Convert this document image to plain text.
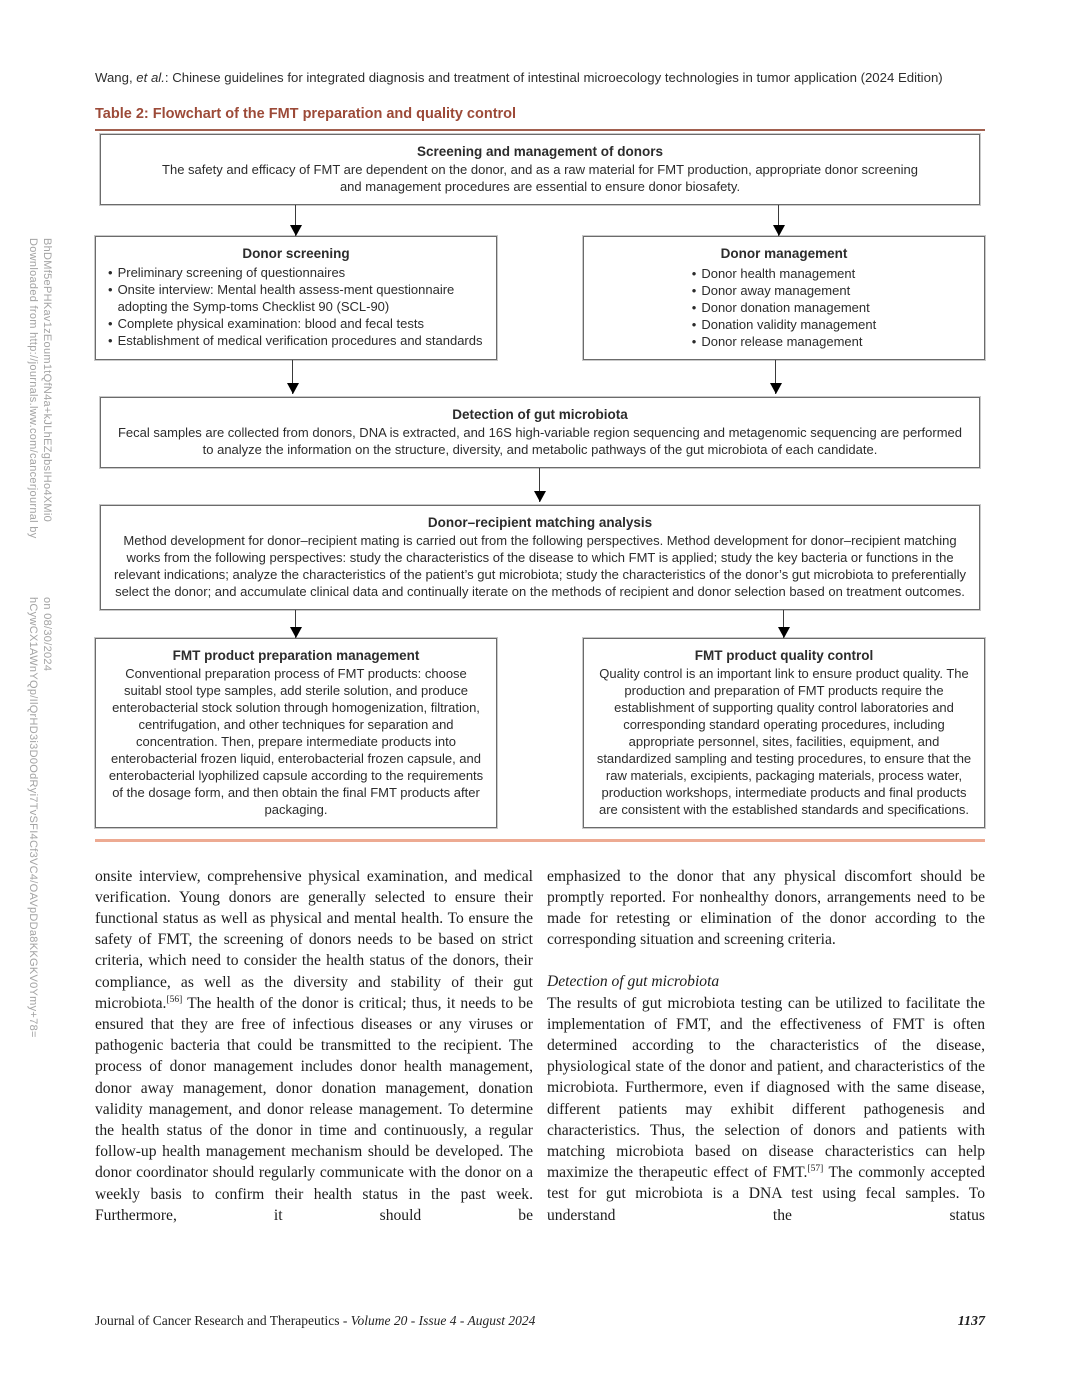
Downloaded from http://journals.lww.com/cancerjournal by BhDMf5ePHKav1zEoum1tQfN4a+kJLhEZgbsIHo4XMi0
hCywCX1AWnYQp/IlQrHD3i3D0OdRyi7TvSFI4Cf3VC4/OAVpDDa8KKGKV0Ymy+78= on 08/30/2024
Wang, et al.: Chinese guidelines for integrated diagnosis and treatment of intestinal microecology technologies in tumor application (2024 Edition)
Table 2: Flowchart of the FMT preparation and quality control
Screening and management of donors
The safety and efficacy of FMT are dependent on the donor, and as a raw material for FMT production, appropriate donor screening and management procedures are essential to ensure donor biosafety.
Donor screening
• Preliminary screening of questionnaires
• Onsite interview: Mental health assess-ment questionnaire adopting the Symp-toms Checklist 90 (SCL-90)
• Complete physical examination: blood and fecal tests
• Establishment of medical verification procedures and standards
Donor management
• Donor health management
• Donor away management
• Donor donation management
• Donation validity management
• Donor release management
Detection of gut microbiota
Fecal samples are collected from donors, DNA is extracted, and 16S high-variable region sequencing and metagenomic sequencing are performed to analyze the information on the structure, diversity, and metabolic pathways of the gut microbiota of each candidate.
Donor–recipient matching analysis
Method development for donor–recipient mating is carried out from the following perspectives. Method development for donor–recipient matching works from the following perspectives: study the characteristics of the disease to which FMT is applied; study the key bacteria or functions in the relevant indications; analyze the characteristics of the patient’s gut microbiota; study the characteristics of the donor’s gut microbiota to preferentially select the donor; and accumulate clinical data and continually iterate on the methods of recipient and donor selection based on treatment outcomes.
FMT product preparation management
Conventional preparation process of FMT products: choose suitabl stool type samples, add sterile solution, and produce enterobacterial stock solution through homogenization, filtration, centrifugation, and other techniques for separation and concentration. Then, prepare intermediate products into enterobacterial frozen liquid, enterobacterial frozen capsule, and enterobacterial lyophilized capsule according to the requirements of the dosage form, and then obtain the final FMT products after packaging.
FMT product quality control
Quality control is an important link to ensure product quality. The production and preparation of FMT products require the establishment of supporting quality control laboratories and corresponding standard operating procedures, including appropriate personnel, sites, facilities, equipment, and standardized sampling and testing procedures, to ensure that the raw materials, excipients, packaging materials, process water, production workshops, intermediate products and final products are consistent with the established standards and specifications.

onsite interview, comprehensive physical examination, and medical verification. Young donors are generally selected to ensure their functional status as well as physical and mental health. To ensure the safety of FMT, the screening of donors needs to be based on strict criteria, which need to consider the health status of the donors, their compliance, as well as the diversity and stability of their gut microbiota.[56] The health of the donor is critical; thus, it needs to be ensured that they are free of infectious diseases or any viruses or pathogenic bacteria that could be transmitted to the recipient. The process of donor management includes donor health management, donor away management, donor donation management, donation validity management, and donor release management. To determine the health status of the donor in time and continuously, a regular follow-up health management mechanism should be developed. The donor coordinator should regularly communicate with the donor on a weekly basis to confirm their health status in the past week. Furthermore, it should be

emphasized to the donor that any physical discomfort should be promptly reported. For nonhealthy donors, arrangements need to be made for retesting or elimination of the donor according to the corresponding situation and screening criteria.

Detection of gut microbiota

The results of gut microbiota testing can be utilized to facilitate the implementation of FMT, and the effectiveness of FMT is often determined according to the characteristics of the disease, physiological state of the donor and patient, and characteristics of the microbiota. Furthermore, even if diagnosed with the same disease, different patients may exhibit different pathogenesis and characteristics. Thus, the selection of donors and patients with matching microbiota based on disease characteristics can help maximize the therapeutic effect of FMT.[57] The commonly accepted test for gut microbiota is a DNA test using fecal samples. To understand the status

Journal of Cancer Research and Therapeutics - Volume 20 - Issue 4 - August 2024	1137
